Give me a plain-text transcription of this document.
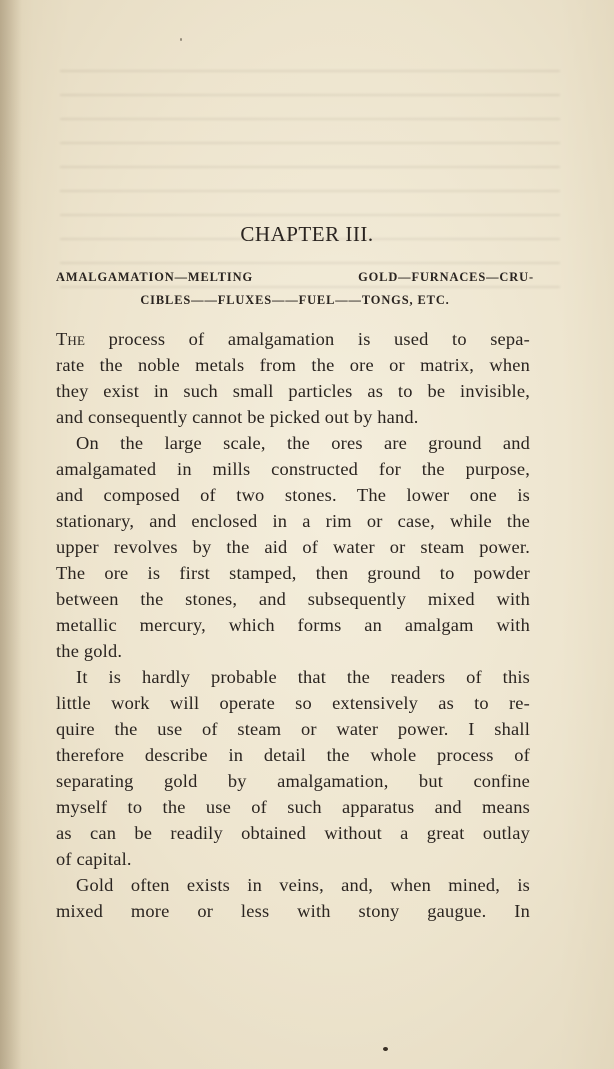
CHAPTER III.
AMALGAMATION—MELTING GOLD—FURNACES—CRU-
CIBLES——FLUXES——FUEL——TONGS, ETC.
The process of amalgamation is used to sepa-
rate the noble metals from the ore or matrix, when
they exist in such small particles as to be invisible,
and consequently cannot be picked out by hand.
On the large scale, the ores are ground and
amalgamated in mills constructed for the purpose,
and composed of two stones. The lower one is
stationary, and enclosed in a rim or case, while the
upper revolves by the aid of water or steam power.
The ore is first stamped, then ground to powder
between the stones, and subsequently mixed with
metallic mercury, which forms an amalgam with
the gold.
It is hardly probable that the readers of this
little work will operate so extensively as to re-
quire the use of steam or water power. I shall
therefore describe in detail the whole process of
separating gold by amalgamation, but confine
myself to the use of such apparatus and means
as can be readily obtained without a great outlay
of capital.
Gold often exists in veins, and, when mined, is
mixed more or less with stony gaugue. In
